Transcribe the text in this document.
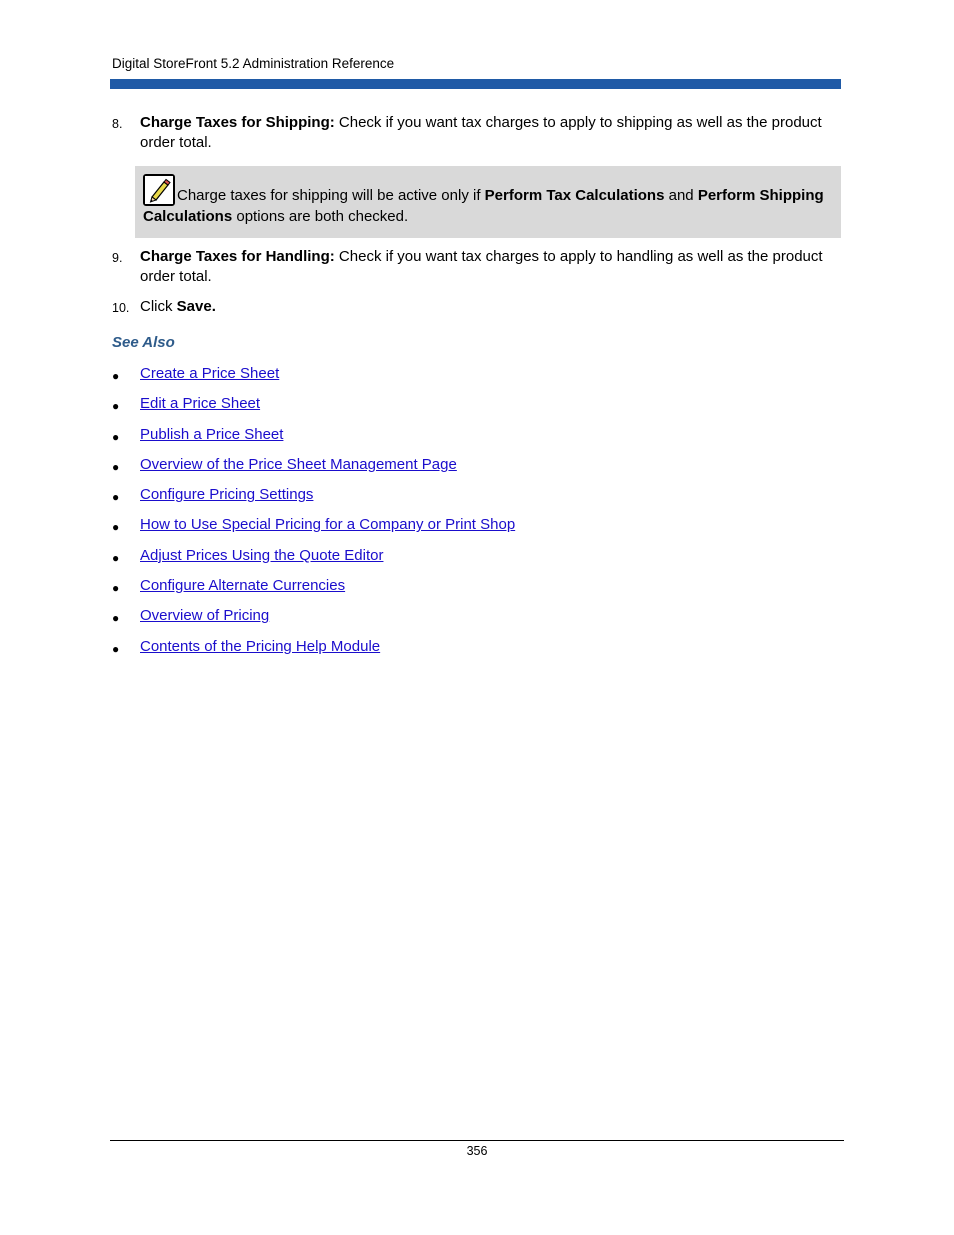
Digital StoreFront 5.2 Administration Reference
8. Charge Taxes for Shipping: Check if you want tax charges to apply to shipping as well as the product order total.
Charge taxes for shipping will be active only if Perform Tax Calculations and Perform Shipping Calculations options are both checked.
9. Charge Taxes for Handling: Check if you want tax charges to apply to handling as well as the product order total.
10. Click Save.
See Also
● Create a Price Sheet
● Edit a Price Sheet
● Publish a Price Sheet
● Overview of the Price Sheet Management Page
● Configure Pricing Settings
● How to Use Special Pricing for a Company or Print Shop
● Adjust Prices Using the Quote Editor
● Configure Alternate Currencies
● Overview of Pricing
● Contents of the Pricing Help Module
356
